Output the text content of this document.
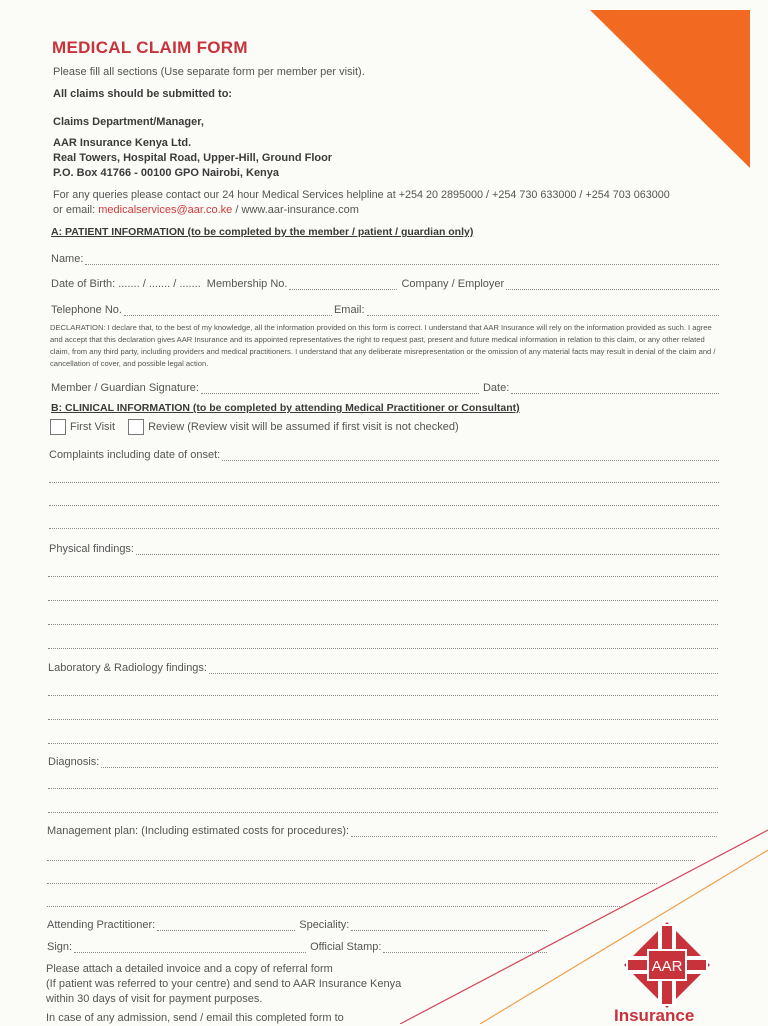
MEDICAL CLAIM FORM
Please fill all sections (Use separate form per member per visit).
All claims should be submitted to:
Claims Department/Manager,
AAR Insurance Kenya Ltd.
Real Towers, Hospital Road, Upper-Hill, Ground Floor
P.O. Box 41766 - 00100 GPO Nairobi, Kenya
For any queries please contact our 24 hour Medical Services helpline at +254 20 2895000 / +254 730 633000 / +254 703 063000
or email: medicalservices@aar.co.ke / www.aar-insurance.com
A: PATIENT INFORMATION (to be completed by the member / patient / guardian only)
Name:
Date of Birth: ....... / ....... / ....... Membership No.	Company / Employer
Telephone No.	Email:
DECLARATION: I declare that, to the best of my knowledge, all the information provided on this form is correct. I understand that AAR Insurance will rely on the information provided as such. I agree and accept that this declaration gives AAR Insurance and its appointed representatives the right to request past, present and future medical information in relation to this claim, or any other related claim, from any third party, including providers and medical practitioners. I understand that any deliberate misrepresentation or the omission of any material facts may result in denial of the claim and / cancellation of cover, and possible legal action.
Member / Guardian Signature:	Date:
B: CLINICAL INFORMATION (to be completed by attending Medical Practitioner or Consultant)
First Visit	Review (Review visit will be assumed if first visit is not checked)
Complaints including date of onset:
Physical findings:
Laboratory & Radiology findings:
Diagnosis:
Management plan: (Including estimated costs for procedures):
Attending Practitioner:	Speciality:
Sign:	Official Stamp:
Please attach a detailed invoice and a copy of referral form
(If patient was referred to your centre) and send to AAR Insurance Kenya
within 30 days of visit for payment purposes.
In case of any admission, send / email this completed form to
AAR
Insurance
